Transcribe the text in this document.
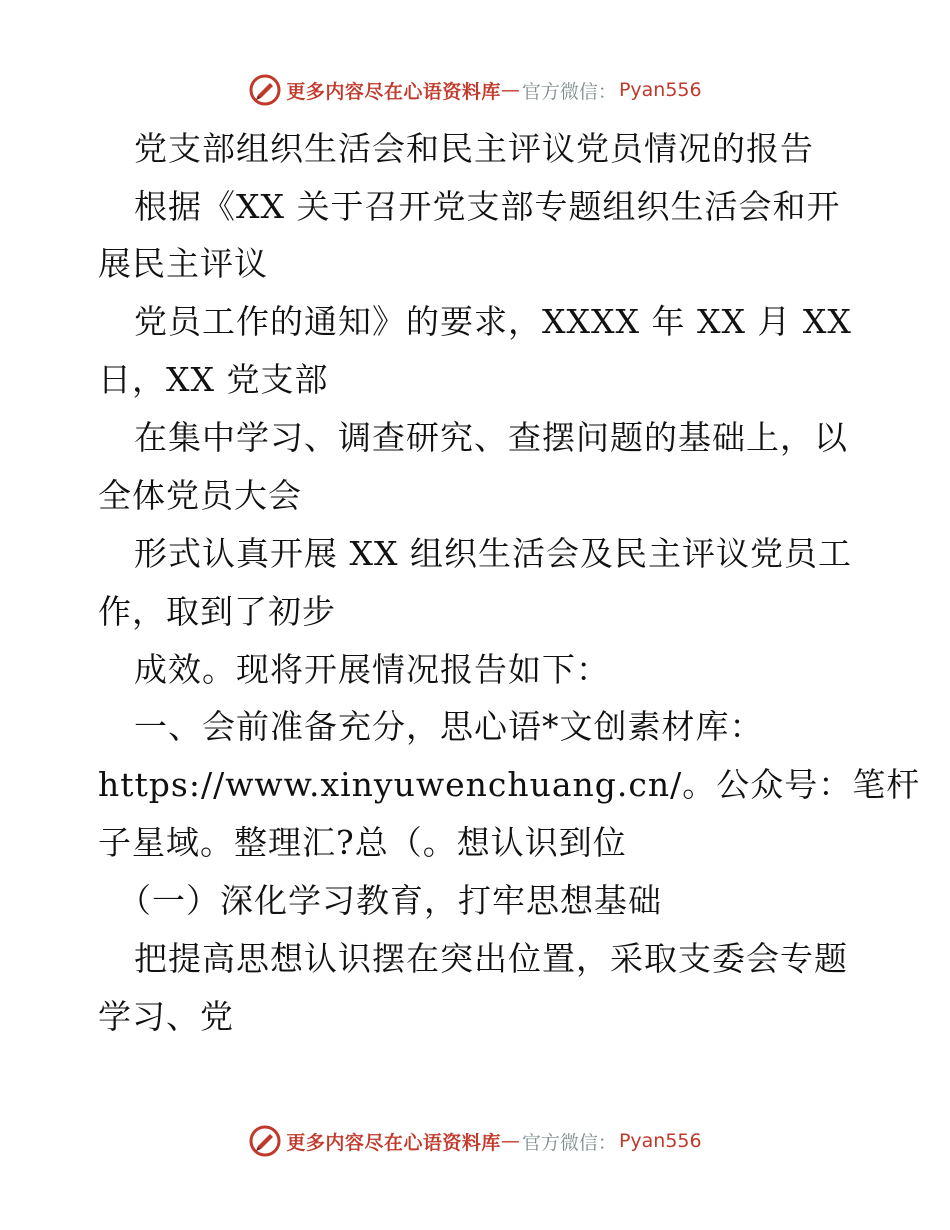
更多内容尽在心语资料库 — 官方微信： Pyan556
党支部组织生活会和民主评议党员情况的报告
根据《XX 关于召开党支部专题组织生活会和开
展民主评议
党员工作的通知》的要求，XXXX 年 XX 月 XX
日，XX 党支部
在集中学习、调查研究、查摆问题的基础上，以
全体党员大会
形式认真开展 XX 组织生活会及民主评议党员工
作，取到了初步
成效。现将开展情况报告如下：
一、会前准备充分，思心语*文创素材库：
https://www.xinyuwenchuang.cn/。公众号：笔杆
子星域。整理汇?总（。想认识到位
（一）深化学习教育，打牢思想基础
把提高思想认识摆在突出位置，采取支委会专题
学习、党
更多内容尽在心语资料库 — 官方微信： Pyan556
